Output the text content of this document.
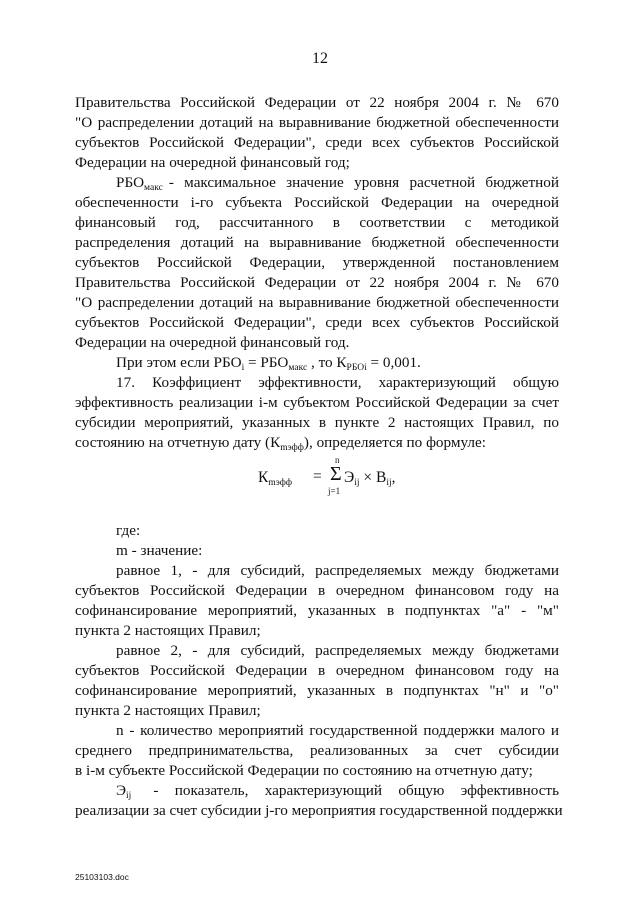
12
Правительства Российской Федерации от 22 ноября 2004 г. № 670
"О распределении дотаций на выравнивание бюджетной обеспеченности
субъектов Российской Федерации", среди всех субъектов Российской
Федерации на очередной финансовый год;
$РБО_{макс}$ - максимальное значение уровня расчетной бюджетной
обеспеченности i-го субъекта Российской Федерации на очередной
финансовый год, рассчитанного в соответствии с методикой
распределения дотаций на выравнивание бюджетной обеспеченности
субъектов Российской Федерации, утвержденной постановлением
Правительства Российской Федерации от 22 ноября 2004 г. № 670
"О распределении дотаций на выравнивание бюджетной обеспеченности
субъектов Российской Федерации", среди всех субъектов Российской
Федерации на очередной финансовый год.
При этом если $РБО_i = РБО_{макс}$ , то $К_{РБОi} = 0,001$.
17. Коэффициент эффективности, характеризующий общую
эффективность реализации i-м субъектом Российской Федерации за счет
субсидии мероприятий, указанных в пункте 2 настоящих Правил, по
состоянию на отчетную дату $(К_{mэфф})$, определяется по формуле:
$К_{mэфф}$ =
n
Σ
j=1
$Э_{ij} \times В_{ij}$,
где:
m - значение:
равное 1, - для субсидий, распределяемых между бюджетами
субъектов Российской Федерации в очередном финансовом году на
софинансирование мероприятий, указанных в подпунктах "а" - "м"
пункта 2 настоящих Правил;
равное 2, - для субсидий, распределяемых между бюджетами
субъектов Российской Федерации в очередном финансовом году на
софинансирование мероприятий, указанных в подпунктах "н" и "о"
пункта 2 настоящих Правил;
n - количество мероприятий государственной поддержки малого и
среднего предпринимательства, реализованных за счет субсидии
в i-м субъекте Российской Федерации по состоянию на отчетную дату;
$Э_{ij}$ - показатель, характеризующий общую эффективность
реализации за счет субсидии j-го мероприятия государственной поддержки
25103103.doc
